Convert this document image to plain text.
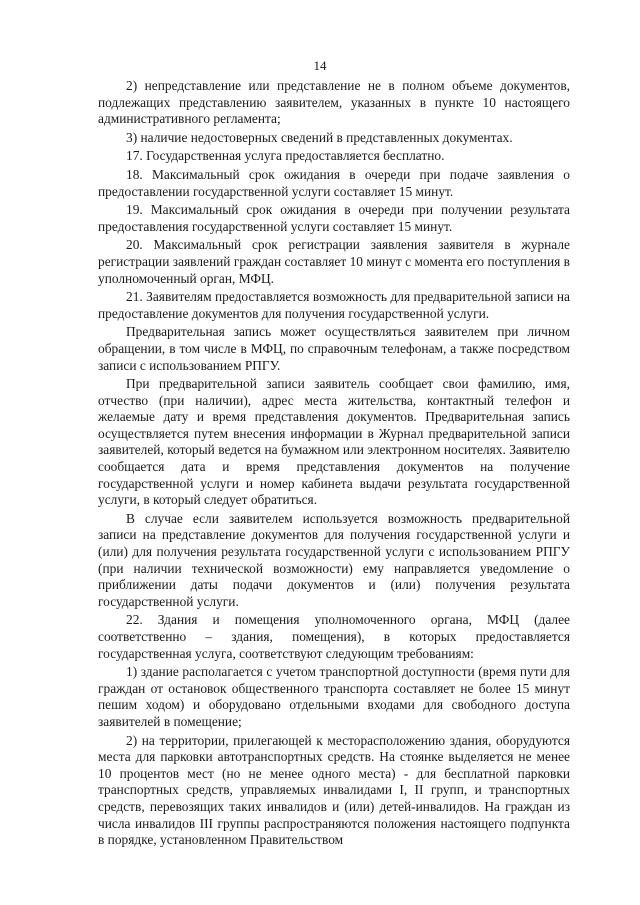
14

2) непредставление или представление не в полном объеме документов, подлежащих представлению заявителем, указанных в пункте 10 настоящего административного регламента;

3) наличие недостоверных сведений в представленных документах.

17. Государственная услуга предоставляется бесплатно.

18. Максимальный срок ожидания в очереди при подаче заявления о предоставлении государственной услуги составляет 15 минут.

19. Максимальный срок ожидания в очереди при получении результата предоставления государственной услуги составляет 15 минут.

20. Максимальный срок регистрации заявления заявителя в журнале регистрации заявлений граждан составляет 10 минут с момента его поступления в уполномоченный орган, МФЦ.

21. Заявителям предоставляется возможность для предварительной записи на предоставление документов для получения государственной услуги.

Предварительная запись может осуществляться заявителем при личном обращении, в том числе в МФЦ, по справочным телефонам, а также посредством записи с использованием РПГУ.

При предварительной записи заявитель сообщает свои фамилию, имя, отчество (при наличии), адрес места жительства, контактный телефон и желаемые дату и время представления документов. Предварительная запись осуществляется путем внесения информации в Журнал предварительной записи заявителей, который ведется на бумажном или электронном носителях. Заявителю сообщается дата и время представления документов на получение государственной услуги и номер кабинета выдачи результата государственной услуги, в который следует обратиться.

В случае если заявителем используется возможность предварительной записи на представление документов для получения государственной услуги и (или) для получения результата государственной услуги с использованием РПГУ (при наличии технической возможности) ему направляется уведомление о приближении даты подачи документов и (или) получения результата государственной услуги.

22. Здания и помещения уполномоченного органа, МФЦ (далее соответственно – здания, помещения), в которых предоставляется государственная услуга, соответствуют следующим требованиям:

1) здание располагается с учетом транспортной доступности (время пути для граждан от остановок общественного транспорта составляет не более 15 минут пешим ходом) и оборудовано отдельными входами для свободного доступа заявителей в помещение;

2) на территории, прилегающей к месторасположению здания, оборудуются места для парковки автотранспортных средств. На стоянке выделяется не менее 10 процентов мест (но не менее одного места) - для бесплатной парковки транспортных средств, управляемых инвалидами I, II групп, и транспортных средств, перевозящих таких инвалидов и (или) детей-инвалидов. На граждан из числа инвалидов III группы распространяются положения настоящего подпункта в порядке, установленном Правительством
